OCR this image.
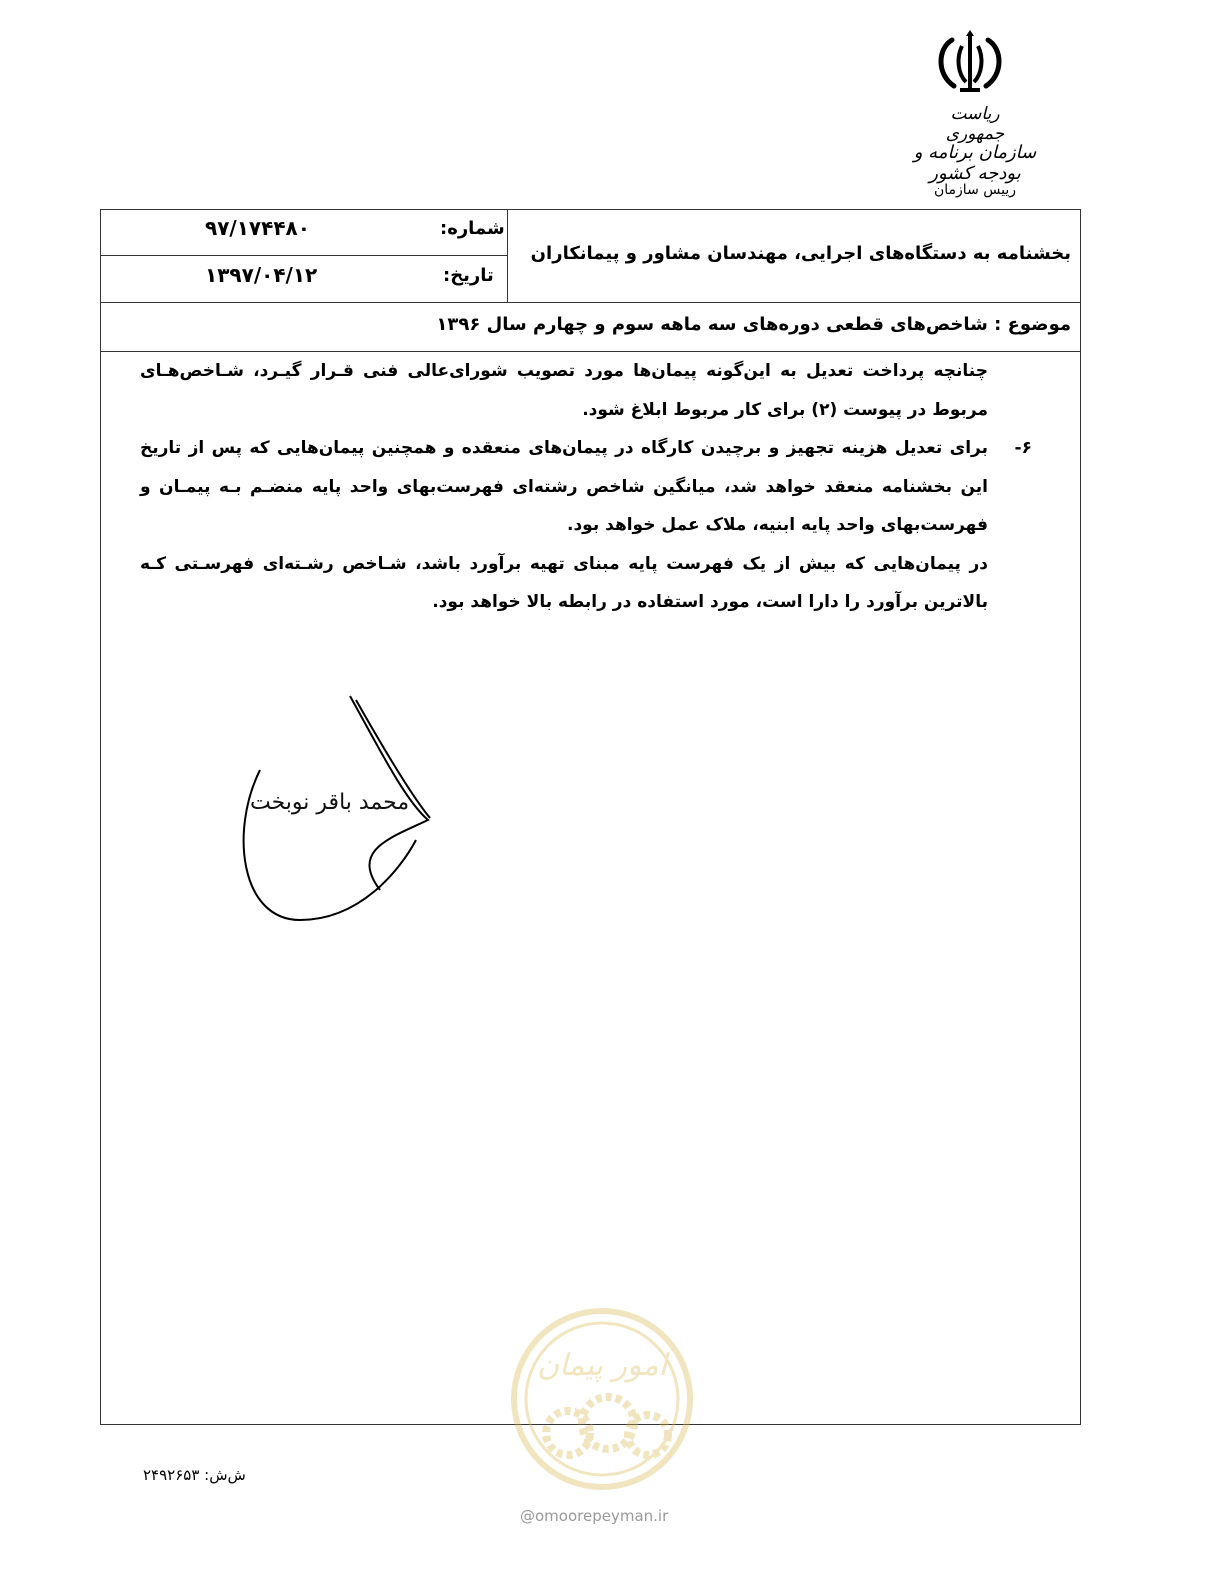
ریاست جمهوری
سازمان برنامه و بودجه کشور
رییس سازمان
شماره:
۹۷/۱۷۴۴۸۰
تاریخ:
۱۳۹۷/۰۴/۱۲
بخشنامه به دستگاه‌های اجرایی، مهندسان مشاور و پیمانکاران
موضوع : شاخص‌های قطعی دوره‌های سه ماهه سوم و چهارم سال ۱۳۹۶

چنانچه پرداخت تعدیل به این‌گونه پیمان‌ها مورد تصویب شورای‌عالی فنی قـرار گیـرد، شـاخص‌هـای مربوط در پیوست (۲) برای کار مربوط ابلاغ شود.

۶-
برای تعدیل هزینه تجهیز و برچیدن کارگاه در پیمان‌های منعقده و همچنین پیمان‌هایی که پس از تاریخ این بخشنامه منعقد خواهد شد، میانگین شاخص رشته‌ای فهرست‌بهای واحد پایه منضـم بـه پیمـان و فهرست‌بهای واحد پایه ابنیه، ملاک عمل خواهد بود.

در پیمان‌هایی که بیش از یک فهرست پایه مبنای تهیه برآورد باشد، شـاخص رشـته‌ای فهرسـتی کـه بالاترین برآورد را دارا است، مورد استفاده در رابطه بالا خواهد بود.

محمد باقر نوبخت
ش‌ش: ۲۴۹۲۶۵۳
امور پیمان
@omoorepeyman.ir
